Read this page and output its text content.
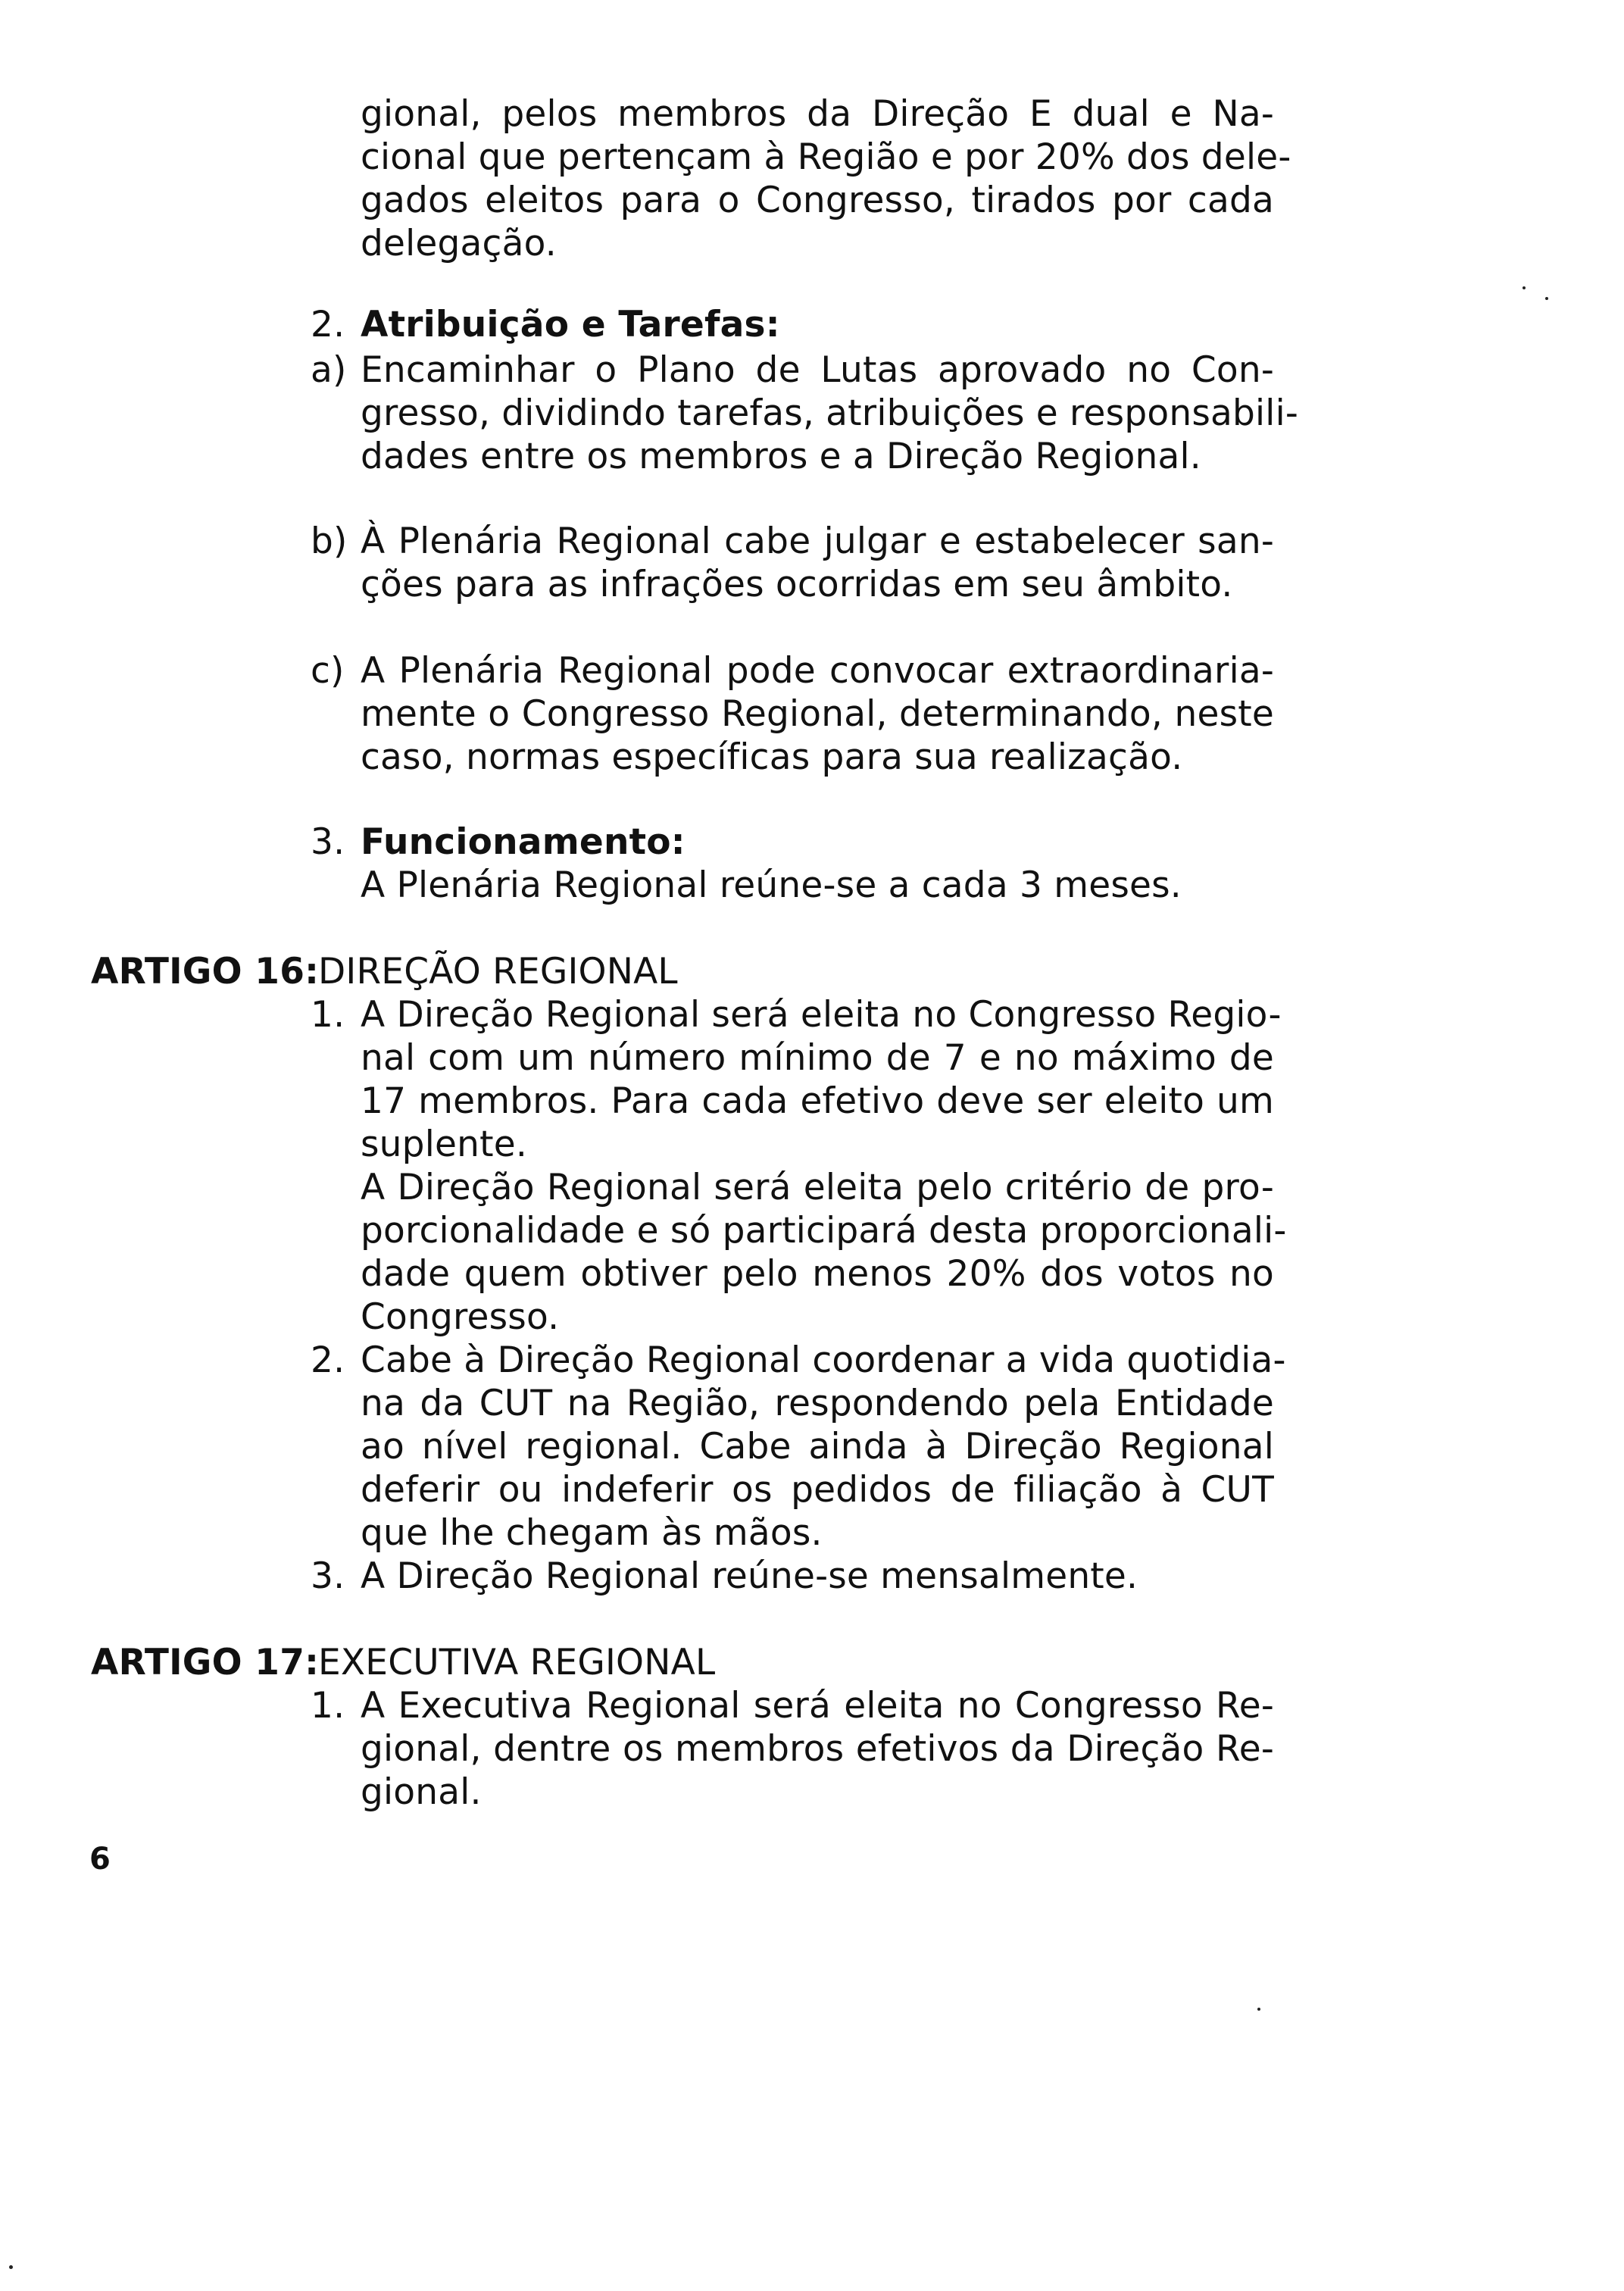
gional, pelos membros da Direção E dual e Na-

cional que pertençam à Região e por 20% dos dele-

gados eleitos para o Congresso, tirados por cada

delegação.

2. Atribuição e Tarefas:

a) Encaminhar o Plano de Lutas aprovado no Con-

gresso, dividindo tarefas, atribuições e responsabili-

dades entre os membros e a Direção Regional.

b) À Plenária Regional cabe julgar e estabelecer san-

ções para as infrações ocorridas em seu âmbito.

c) A Plenária Regional pode convocar extraordinaria-

mente o Congresso Regional, determinando, neste

caso, normas específicas para sua realização.

3. Funcionamento:

A Plenária Regional reúne-se a cada 3 meses.

ARTIGO 16:

DIREÇÃO REGIONAL

1. A Direção Regional será eleita no Congresso Regio-

nal com um número mínimo de 7 e no máximo de

17 membros. Para cada efetivo deve ser eleito um

suplente.

A Direção Regional será eleita pelo critério de pro-

porcionalidade e só participará desta proporcionali-

dade quem obtiver pelo menos 20% dos votos no

Congresso.

2. Cabe à Direção Regional coordenar a vida quotidia-

na da CUT na Região, respondendo pela Entidade

ao nível regional. Cabe ainda à Direção Regional

deferir ou indeferir os pedidos de filiação à CUT

que lhe chegam às mãos.

3. A Direção Regional reúne-se mensalmente.

ARTIGO 17:

EXECUTIVA REGIONAL

1. A Executiva Regional será eleita no Congresso Re-

gional, dentre os membros efetivos da Direção Re-

gional.

6
